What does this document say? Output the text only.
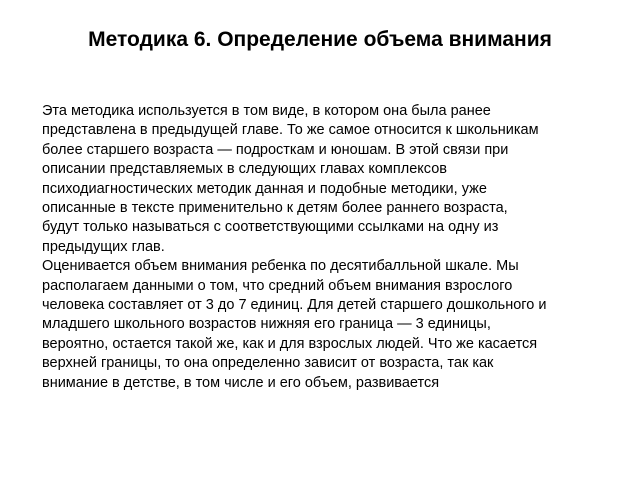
Методика 6. Определение объема внимания

Эта методика используется в том виде, в котором она была ранее
представлена в предыдущей главе. То же самое относится к школьникам
более старшего возраста — подросткам и юношам. В этой связи при
описании представляемых в следующих главах комплексов
психодиагностических методик данная и подобные методики, уже
описанные в тексте применительно к детям более раннего возраста,
будут только называться с соответствующими ссылками на одну из
предыдущих глав.

Оценивается объем внимания ребенка по десятибалльной шкале. Мы
располагаем данными о том, что средний объем внимания взрослого
человека составляет от 3 до 7 единиц. Для детей старшего дошкольного и
младшего школьного возрастов нижняя его граница — 3 единицы,
вероятно, остается такой же, как и для взрослых людей. Что же касается
верхней границы, то она определенно зависит от возраста, так как
внимание в детстве, в том числе и его объем, развивается
